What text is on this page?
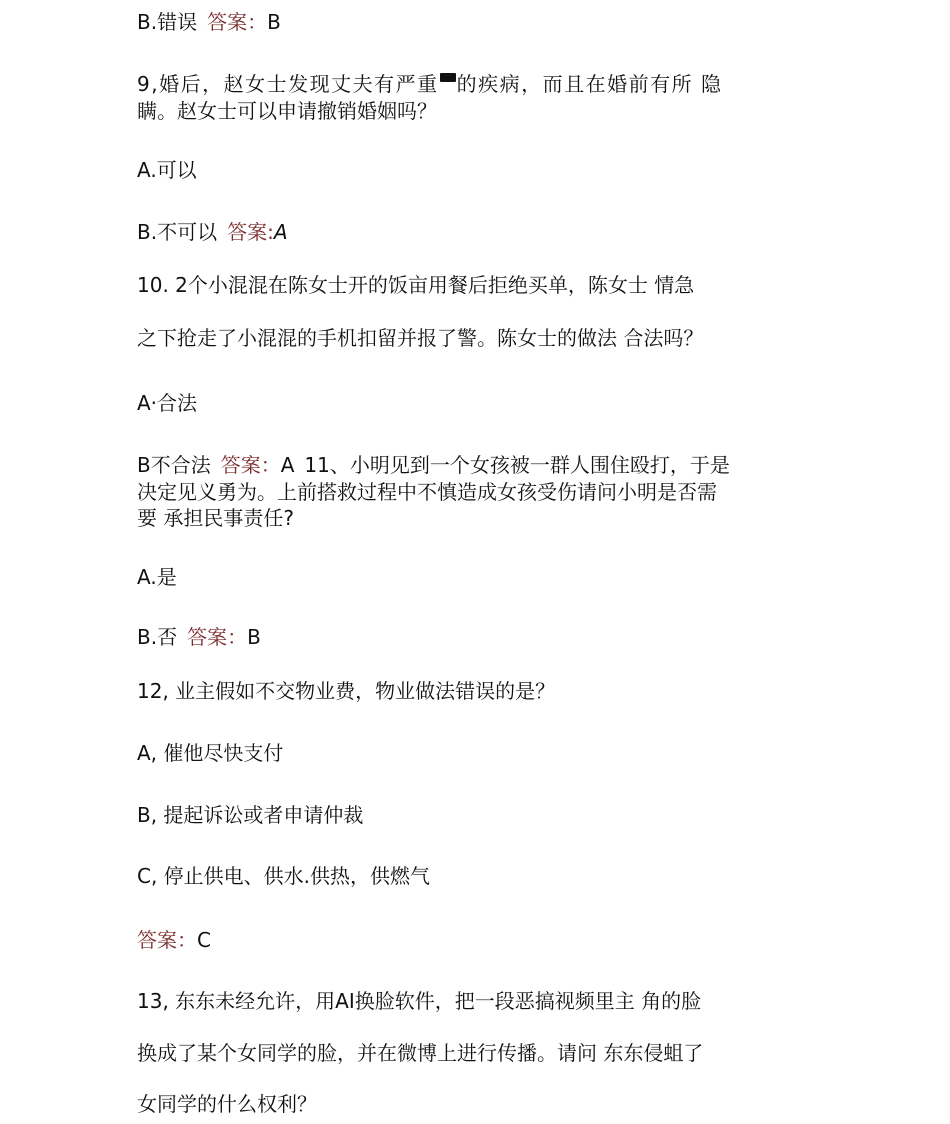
B.错误 答案：B
9,婚后，赵女士发现丈夫有严重 的疾病，而且在婚前有所 隐
瞒。赵女士可以申请撤销婚姻吗？
A.可以
B.不可以 答案:A
10. 2个小混混在陈女士开的饭亩用餐后拒绝买单，陈女士 情急
之下抢走了小混混的手机扣留并报了警。陈女士的做法 合法吗？
A·合法
B不合法 答案：A 11、小明见到一个女孩被一群人围住殴打，于是
决定见义勇为。上前搭救过程中不慎造成女孩受伤请问小明是否需
要 承担民事责任?
A.是
B.否 答案：B
12, 业主假如不交物业费，物业做法错误的是？
A, 催他尽快支付
B, 提起诉讼或者申请仲裁
C, 停止供电、供水.供热，供燃气
答案：C
13, 东东未经允许，用AI换脸软件，把一段恶搞视频里主 角的脸
换成了某个女同学的脸，并在微博上进行传播。请问 东东侵蛆了
女同学的什么权利？
